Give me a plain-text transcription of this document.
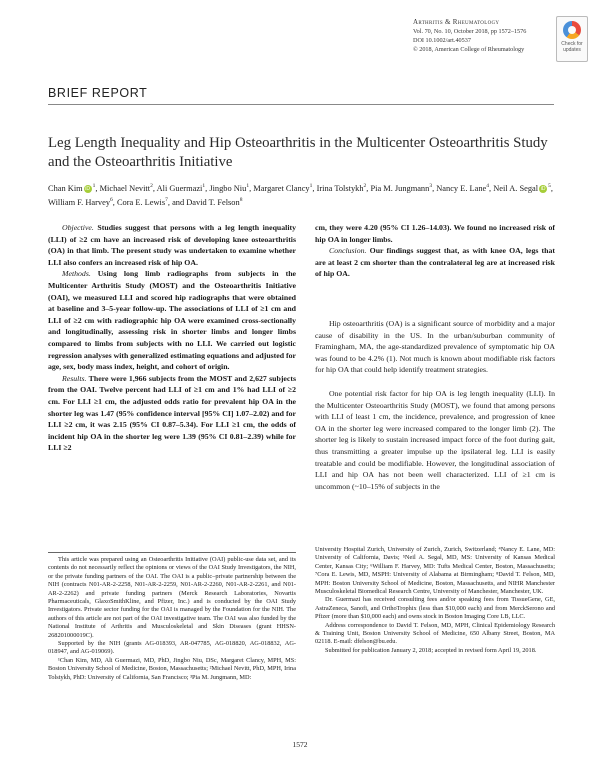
Arthritis & Rheumatology
Vol. 70, No. 10, October 2018, pp 1572–1576
DOI 10.1002/art.40537
© 2018, American College of Rheumatology
Check for
updates
BRIEF REPORT
Leg Length Inequality and Hip Osteoarthritis in the Multicenter Osteoarthritis Study and the Osteoarthritis Initiative
Chan Kim iD $^1$, Michael Nevitt$^2$, Ali Guermazi$^1$, Jingbo Niu$^1$, Margaret Clancy$^1$, Irina Tolstykh$^2$, Pia M. Jungmann$^3$, Nancy E. Lane$^4$, Neil A. Segal iD $^5$, William F. Harvey$^6$, Cora E. Lewis$^7$, and David T. Felson$^8$

Objective. Studies suggest that persons with a leg length inequality (LLI) of ≥2 cm have an increased risk of developing knee osteoarthritis (OA) in that limb. The present study was undertaken to examine whether LLI also confers an increased risk of hip OA.

Methods. Using long limb radiographs from subjects in the Multicenter Arthritis Study (MOST) and the Osteoarthritis Initiative (OAI), we measured LLI and scored hip radiographs that were obtained at baseline and 3–5-year follow-up. The associations of LLI of ≥1 cm and LLI of ≥2 cm with radiographic hip OA were examined cross-sectionally and longitudinally, assessing risk in shorter limbs and longer limbs compared to limbs from subjects with no LLI. We carried out logistic regression analyses with generalized estimating equations and adjusted for age, sex, body mass index, height, and cohort of origin.

Results. There were 1,966 subjects from the MOST and 2,627 subjects from the OAI. Twelve percent had LLI of ≥1 cm and 1% had LLI of ≥2 cm. For LLI ≥1 cm, the adjusted odds ratio for prevalent hip OA in the shorter leg was 1.47 (95% confidence interval [95% CI] 1.07–2.02) and for LLI ≥2 cm, it was 2.15 (95% CI 0.87–5.34). For LLI ≥1 cm, the odds of incident hip OA in the shorter leg were 1.39 (95% CI 0.81–2.39) while for LLI ≥2

cm, they were 4.20 (95% CI 1.26–14.03). We found no increased risk of hip OA in longer limbs.

Conclusion. Our findings suggest that, as with knee OA, legs that are at least 2 cm shorter than the contralateral leg are at increased risk of hip OA.

Hip osteoarthritis (OA) is a significant source of morbidity and a major cause of disability in the US. In the urban/suburban community of Framingham, MA, the age-standardized prevalence of symptomatic hip OA was found to be 4.2% (1). Not much is known about modifiable risk factors for hip OA that could help identify treatment strategies.

One potential risk factor for hip OA is leg length inequality (LLI). In the Multicenter Osteoarthritis Study (MOST), we found that among persons with LLI of least 1 cm, the incidence, prevalence, and progression of knee OA in the shorter leg were increased compared to the longer limb (2). The shorter leg is likely to sustain increased impact force of the foot during gait, thus transmitting a greater impulse up the ipsilateral leg. LLI is easily treatable and could be modifiable. However, the longitudinal association of LLI and hip OA has not been well characterized. LLI of ≥1 cm is uncommon (~10–15% of subjects in the

This article was prepared using an Osteoarthritis Initiative (OAI) public-use data set, and its contents do not necessarily reflect the opinions or views of the OAI Study Investigators, the NIH, or the private funding partners of the OAI. The OAI is a public–private partnership between the NIH (contracts N01-AR-2-2258, N01-AR-2-2259, N01-AR-2-2260, N01-AR-2-2261, and N01-AR-2-2262) and private funding partners (Merck Research Laboratories, Novartis Pharmaceuticals, GlaxoSmithKline, and Pfizer, Inc.) and is conducted by the OAI Study Investigators. Private sector funding for the OAI is managed by the Foundation for the NIH. The authors of this article are not part of the OAI investigative team. The OAI was also funded by the National Institute of Arthritis and Musculoskeletal and Skin Diseases (grant HHSN-268201000019C).

Supported by the NIH (grants AG-018393, AR-047785, AG-018820, AG-018832, AG-018947, and AG-019069).

¹Chan Kim, MD, Ali Guermazi, MD, PhD, Jingbo Niu, DSc, Margaret Clancy, MPH, MS: Boston University School of Medicine, Boston, Massachusetts; ²Michael Nevitt, PhD, MPH, Irina Tolstykh, PhD: University of California, San Francisco; ³Pia M. Jungmann, MD:

University Hospital Zurich, University of Zurich, Zurich, Switzerland; ⁴Nancy E. Lane, MD: University of California, Davis; ⁵Neil A. Segal, MD, MS: University of Kansas Medical Center, Kansas City; ⁶William F. Harvey, MD: Tufts Medical Center, Boston, Massachusetts; ⁷Cora E. Lewis, MD, MSPH: University of Alabama at Birmingham; ⁸David T. Felson, MD, MPH: Boston University School of Medicine, Boston, Massachusetts, and NIHR Manchester Musculoskeletal Biomedical Research Centre, University of Manchester, Manchester, UK.

Dr. Guermazi has received consulting fees and/or speaking fees from TissueGene, GE, AstraZeneca, Sanofi, and OrthoTrophix (less than $10,000 each) and from MerckSerono and Pfizer (more than $10,000 each) and owns stock in Boston Imaging Core LB, LLC.

Address correspondence to David T. Felson, MD, MPH, Clinical Epidemiology Research & Training Unit, Boston University School of Medicine, 650 Albany Street, Boston, MA 02118. E-mail: dfelson@bu.edu.

Submitted for publication January 2, 2018; accepted in revised form April 19, 2018.

1572
